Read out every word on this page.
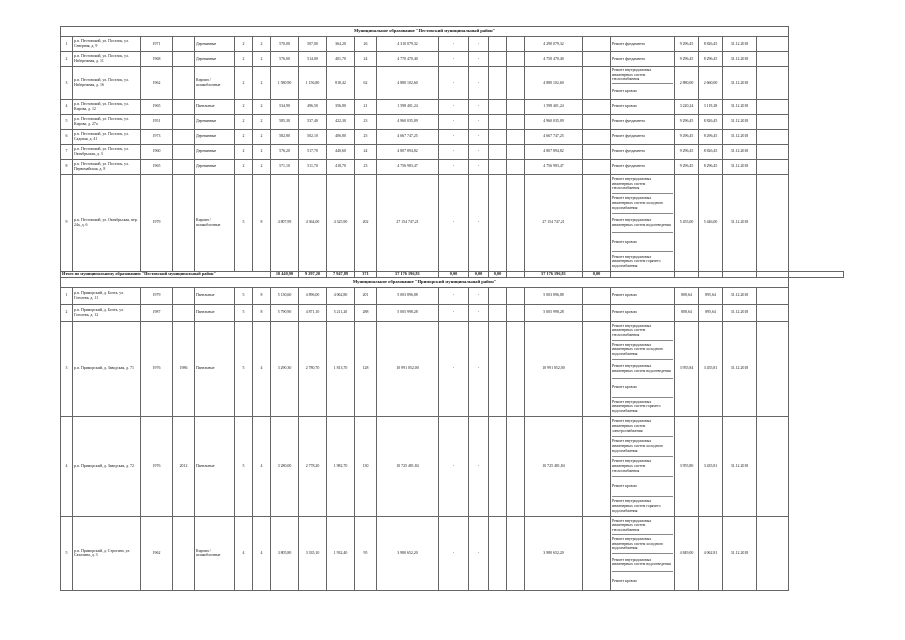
Муниципальное образование "Пестовский муниципальный район"																							
1	р.п. Пестовский, ул. Поселок, ул. Северная, д. 9	1971		Деревянные	2	2	570,00	507,00	364,20	26	4 310 079,32	-	-			4 290 079,32		Ремонт фундамента	9 296,45	8 826,45	31.12.2018		
2	р.п. Пестовский, ул. Поселок, ул. Набережная, д. 11	1968		Деревянные	2	2	576,00	514,00	401,70	24	4 770 470,40	-	-			4 750 470,40		Ремонт фундамента	9 296,45	8 296,45	31.12.2018		
3	р.п. Пестовский, ул. Поселок, ул. Набережная, д. 16	1962		Кирпич / шлакоблочные	2	2	1 580,90	1 156,80	818,42	62	4 880 102,60	-	-			4 880 102,60		Ремонт внутридомовых инженерных систем теплоснабжения
Ремонт кровли	2 880,00	2 660,00	31.12.2018		
4	р.п. Пестовский, ул. Поселок, ул. Кирова, д. 12	1965		Панельные	2	2	534,90	496,50	356,80	21	1 598 401,24	-	-			1 598 401,24		Ремонт кровли	3 220,24	3 119,28	31.12.2018		
5	р.п. Пестовский, ул. Поселок, ул. Кирова, д. 27а	1951		Деревянные	2	2	585,30	537,40	422,30	23	4 960 035,09	-	-			4 960 035,09		Ремонт фундамента	9 296,45	8 826,45	31.12.2018		
6	р.п. Пестовский, ул. Поселок, ул. Садовая, д. 41	1973		Деревянные	2	2	582,80	502,10	406,80	25	4 667 747,25	-	-			4 667 747,25		Ремонт фундамента	9 296,45	8 296,45	31.12.2018		
7	р.п. Пестовский, ул. Поселок, ул. Октябрьская, д. 3	1960		Деревянные	2	2	576,20	517,70	440,60	24	4 807 894,82	-	-			4 807 894,82		Ремонт фундамента	9 296,45	8 826,45	31.12.2018		
8	р.п. Пестовский, ул. Поселок, ул. Первомайская, д. 8	1965		Деревянные	2	2	571,10	511,70	418,70	23	4 756 983,47	-	-			4 756 983,47		Ремонт фундамента	9 296,45	8 296,45	31.12.2018		
9	р.п. Пестовский, ул. Октябрьская, пер. 24а, д. 6	1979		Кирпич / шлакоблочные	5	8	4 807,99	4 364,00	4 325,90	202	27 154 747,21	-	-			27 154 747,21		Ремонт внутридомовых инженерных систем теплоснабжения
Ремонт внутридомовых инженерных систем холодного водоснабжения
Ремонт внутридомовых инженерных систем водоотведения
Ремонт кровли
Ремонт внутридомовых инженерных систем горячего водоснабжения	5 455,00	5 446,00	31.12.2018		
Итого по муниципальному образованию "Пестовский муниципальный район"							10 440,90	9 297,20	7 947,89	371	57 176 196,81	0,00	0,00	0,00		57 176 196,81	0,00						
Муниципальное образование "Приморский муниципальный район"																							
1	р.п. Приморский, д. Бочта, ул. Гоголева, д. 11	1979		Панельные	5	8	5 130,60	4 896,00	4 062,80	201	5 003 896,88	-	-			5 003 896,88		Ремонт кровли	808,64	895,64	31.12.2018		
2	р.п. Приморский, д. Бочта, ул. Гоголева, д. 12	1987		Панельные	5	8	5 790,90	4 871,10	5 211,20	288	5 005 998,28	-	-			5 005 998,28		Ремонт кровли	808,64	895,64	31.12.2018		
3	р.п. Приморский, д. Заводская, д. 71	1976	1986	Панельные	5	4	3 290,30	2 780,70	1 813,70	128	10 991 052,00	-	-			10 991 052,00		Ремонт внутридомовых инженерных систем теплоснабжения
Ремонт внутридомовых инженерных систем холодного водоснабжения
Ремонт внутридомовых инженерных систем водоотведения
Ремонт кровли
Ремонт внутридомовых инженерных систем горячего водоснабжения	3 955,84	3 455,81	31.12.2018		
4	р.п. Приморский, д. Заводская, д. 72	1976	2012	Панельные	5	4	3 280,00	2 778,20	1 982,70	130	10 725 481,84	-	-			10 725 481,84		Ремонт внутридомовых инженерных систем электроснабжения
Ремонт внутридомовых инженерных систем холодного водоснабжения
Ремонт внутридомовых инженерных систем теплоснабжения
Ремонт кровли
Ремонт внутридомовых инженерных систем горячего водоснабжения	3 955,80	3 435,81	31.12.2018		
5	р.п. Приморский, д. Строгино, ул. Сахалина, д. 3	1962		Кирпич / шлакоблочные	4	4	3 805,80	3 335,10	1 932,40	95	3 980 652,20	-	-			3 980 652,20		Ремонт внутридомовых инженерных систем теплоснабжения
Ремонт внутридомовых инженерных систем холодного водоснабжения
Ремонт внутридомовых инженерных систем водоотведения
Ремонт кровли	4 849,00	4 062,81	31.12.2018		
